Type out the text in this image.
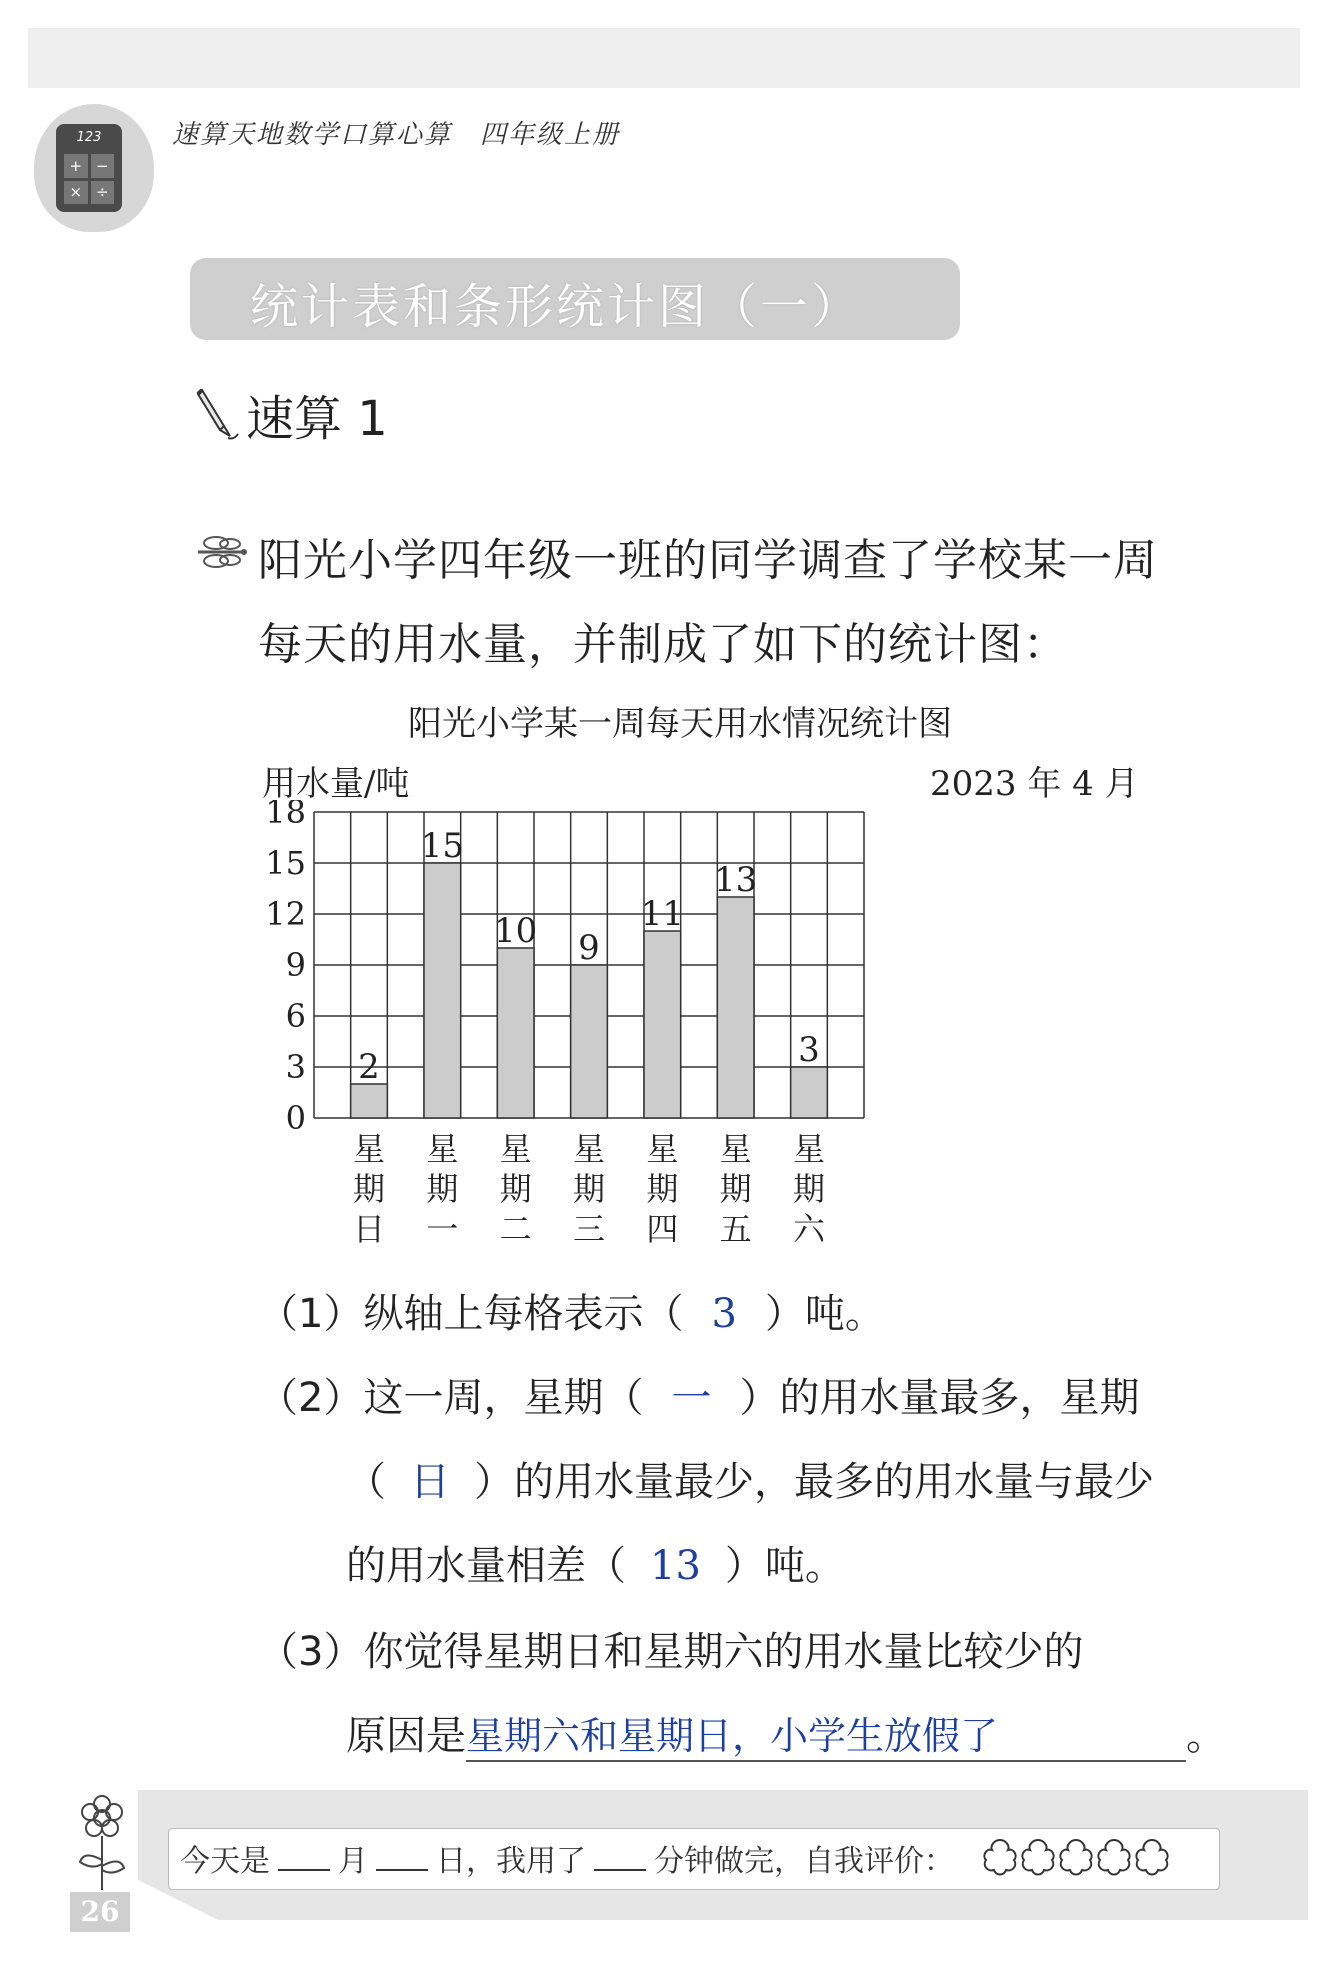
123
+ −
× ÷
速算天地数学口算心算　四年级上册
统计表和条形统计图（一）
速算 1
阳光小学四年级一班的同学调查了学校某一周
每天的用水量，并制成了如下的统计图：
阳光小学某一周每天用水情况统计图
用水量/吨	2023 年 4 月
0
3
6
9
12
15
18
2
星
期
日
15
星
期
一
10
星
期
二
9
星
期
三
11
星
期
四
13
星
期
五
3
星
期
六
（1）纵轴上每格表示（ 3 ）吨。
（2）这一周，星期（ 一 ）的用水量最多，星期
（ 日 ）的用水量最少，最多的用水量与最少
的用水量相差（ 13 ）吨。
（3）你觉得星期日和星期六的用水量比较少的
原因是星期六和星期日，小学生放假了	。
今天是 月 日，我用了 分钟做完，自我评价：
26
